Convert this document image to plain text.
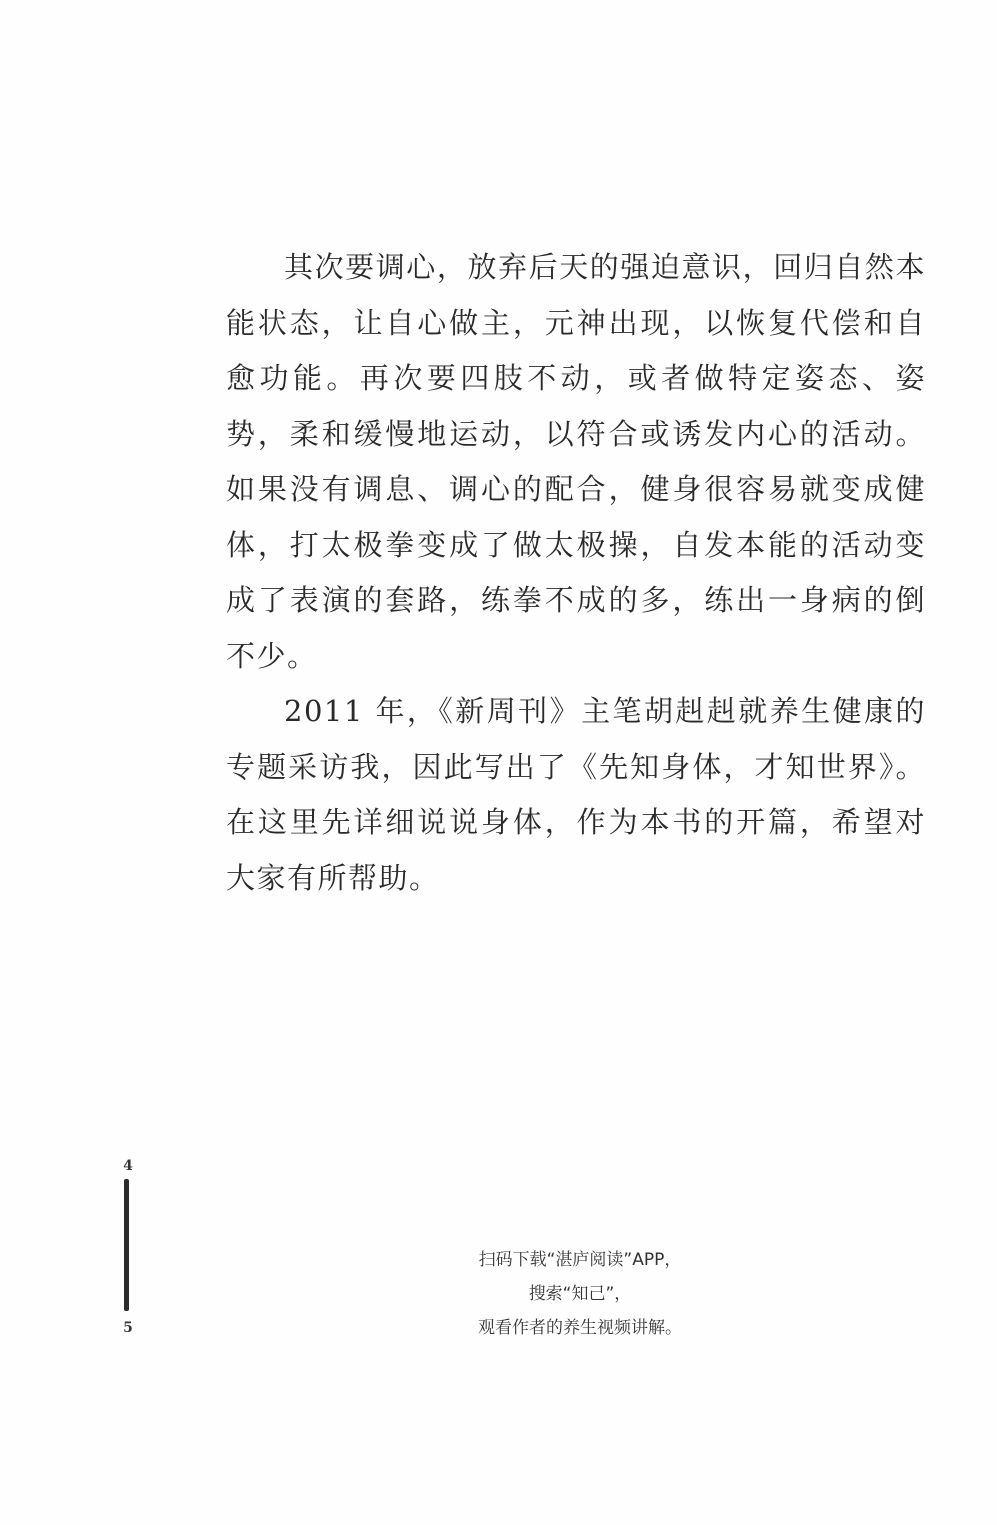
其次要调心，放弃后天的强迫意识，回归自然本能状态，让自心做主，元神出现，以恢复代偿和自愈功能。再次要四肢不动，或者做特定姿态、姿势，柔和缓慢地运动，以符合或诱发内心的活动。如果没有调息、调心的配合，健身很容易就变成健体，打太极拳变成了做太极操，自发本能的活动变成了表演的套路，练拳不成的多，练出一身病的倒不少。

2011 年，《新周刊》主笔胡赳赳就养生健康的专题采访我，因此写出了《先知身体，才知世界》。在这里先详细说说身体，作为本书的开篇，希望对大家有所帮助。

4
5
扫码下载“湛庐阅读”APP，
搜索“知己”，
观看作者的养生视频讲解。
